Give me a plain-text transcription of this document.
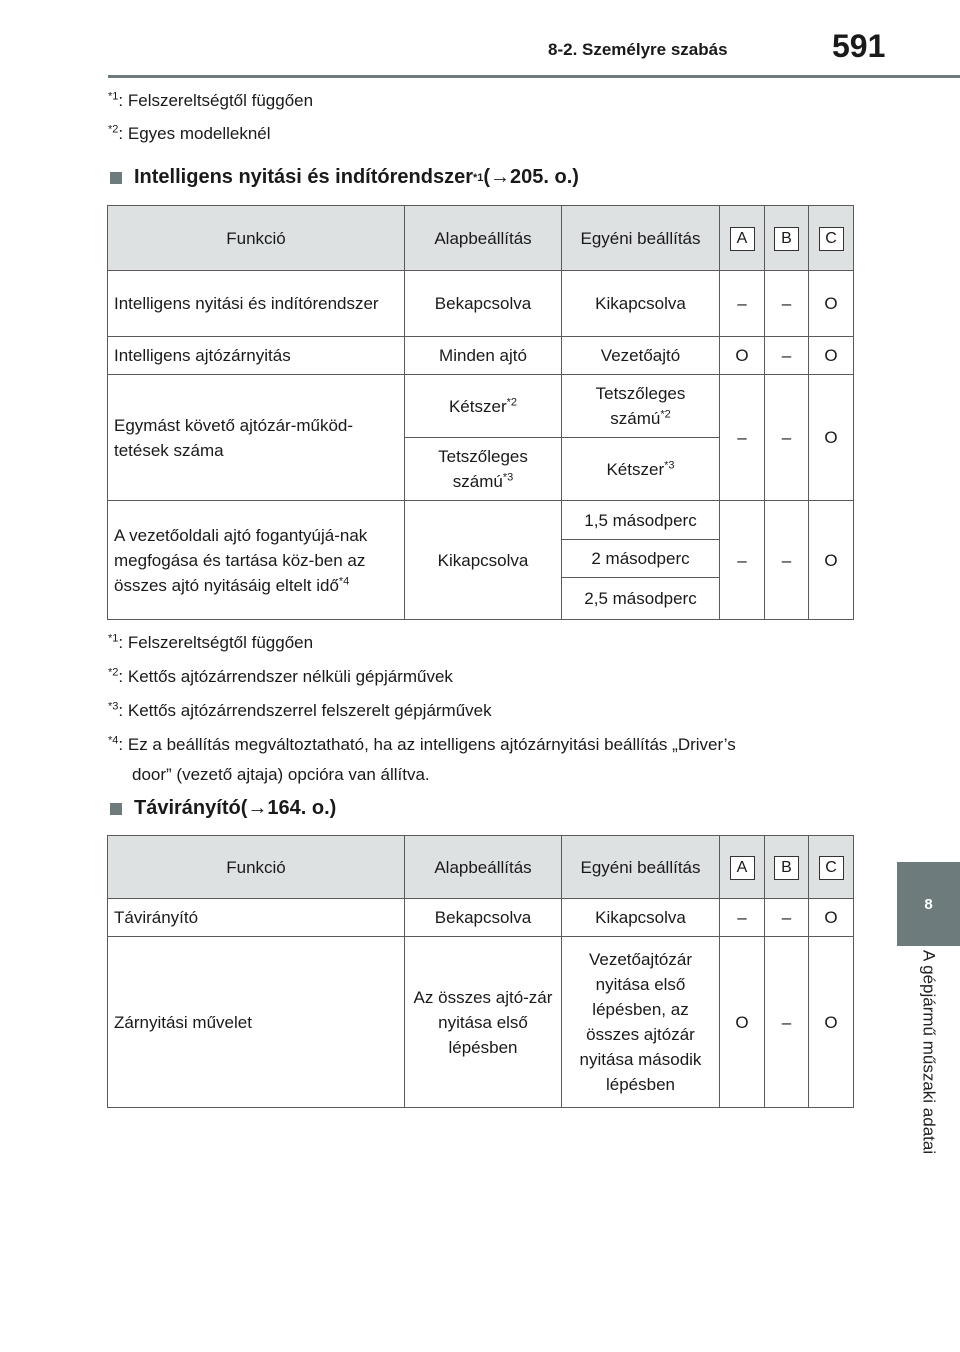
8-2. Személyre szabás	591
8
A gépjármű műszaki adatai
$^{*1}$: Felszereltségtől függően
$^{*2}$: Egyes modelleknél
Intelligens nyitási és indítórendszer *1 (→205. o.)
Funkció	Alapbeállítás	Egyéni beállítás	A	B	C
Intelligens nyitási és indítórendszer	Bekapcsolva	Kikapcsolva	–	–	O
Intelligens ajtózárnyitás	Minden ajtó	Vezetőajtó	O	–	O
Egymást követő ajtózár-működ-tetések száma	Kétszer$^{*2}$	Tetszőleges számú$^{*2}$	–	–	O
	Tetszőleges számú$^{*3}$	Kétszer$^{*3}$
A vezetőoldali ajtó fogantyújá-nak megfogása és tartása köz-ben az összes ajtó nyitásáig eltelt idő$^{*4}$	Kikapcsolva	1,5 másodperc	–	–	O
		2 másodperc			
		2,5 másodperc			
$^{*1}$: Felszereltségtől függően
$^{*2}$: Kettős ajtózárrendszer nélküli gépjárművek
$^{*3}$: Kettős ajtózárrendszerrel felszerelt gépjárművek
$^{*4}$: Ez a beállítás megváltoztatható, ha az intelligens ajtózárnyitási beállítás „Driver’s
door” (vezető ajtaja) opcióra van állítva.
Távirányító (→164. o.)
Funkció	Alapbeállítás	Egyéni beállítás	A	B	C
Távirányító	Bekapcsolva	Kikapcsolva	–	–	O
Zárnyitási művelet	Az összes ajtó-zár nyitása első lépésben	Vezetőajtózár nyitása első lépésben, az összes ajtózár nyitása második lépésben	O	–	O
